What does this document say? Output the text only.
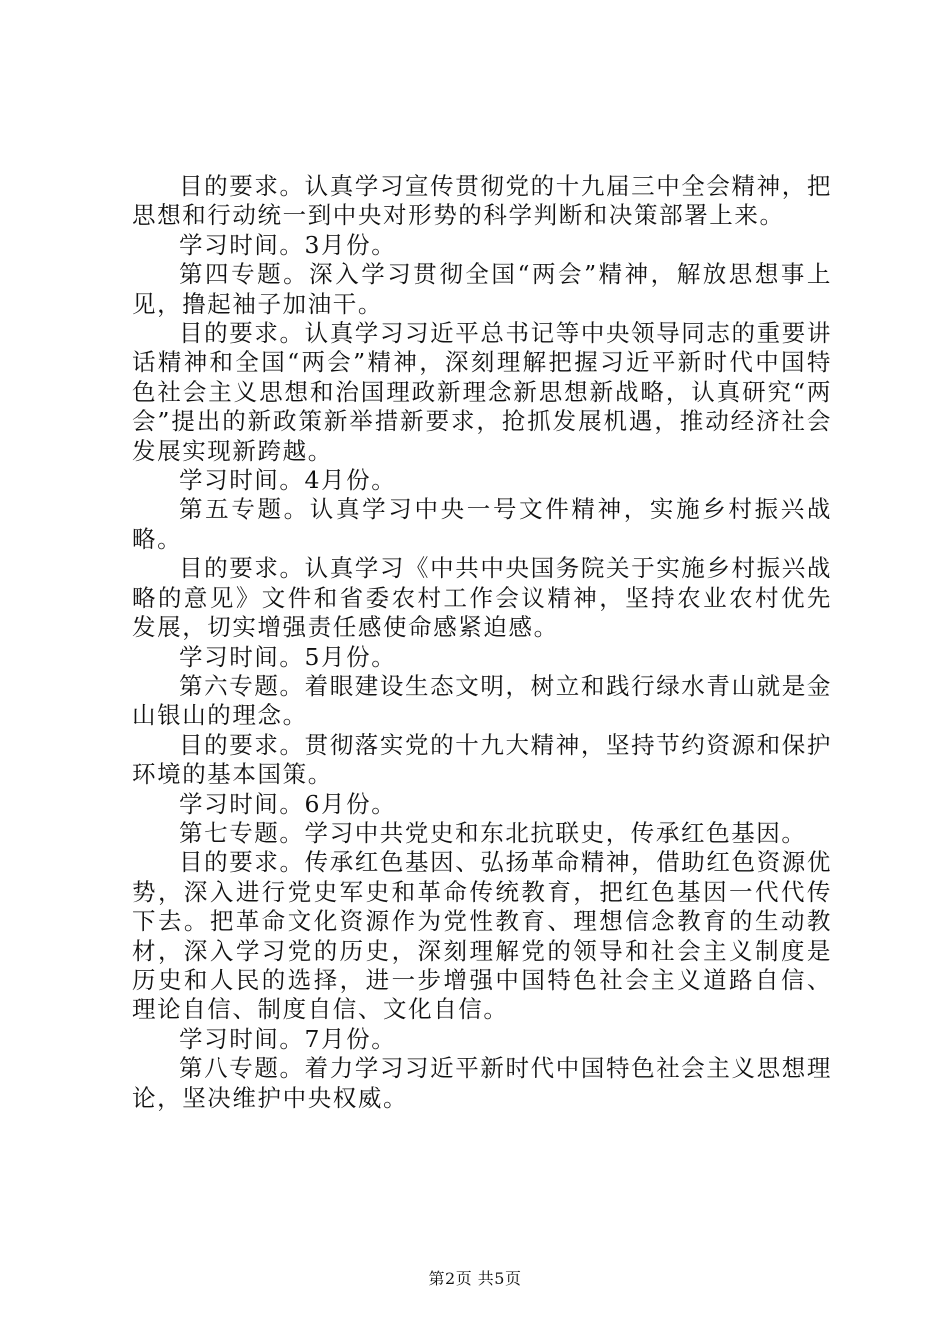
目的要求。认真学习宣传贯彻党的十九届三中全会精神，把思想和行动统一到中央对形势的科学判断和决策部署上来。

学习时间。3月份。

第四专题。深入学习贯彻全国“两会”精神，解放思想事上见，撸起袖子加油干。

目的要求。认真学习习近平总书记等中央领导同志的重要讲话精神和全国“两会”精神，深刻理解把握习近平新时代中国特色社会主义思想和治国理政新理念新思想新战略，认真研究“两会”提出的新政策新举措新要求，抢抓发展机遇，推动经济社会发展实现新跨越。

学习时间。4月份。

第五专题。认真学习中央一号文件精神，实施乡村振兴战略。

目的要求。认真学习《中共中央国务院关于实施乡村振兴战略的意见》文件和省委农村工作会议精神，坚持农业农村优先发展，切实增强责任感使命感紧迫感。

学习时间。5月份。

第六专题。着眼建设生态文明，树立和践行绿水青山就是金山银山的理念。

目的要求。贯彻落实党的十九大精神，坚持节约资源和保护环境的基本国策。

学习时间。6月份。

第七专题。学习中共党史和东北抗联史，传承红色基因。

目的要求。传承红色基因、弘扬革命精神，借助红色资源优势，深入进行党史军史和革命传统教育，把红色基因一代代传下去。把革命文化资源作为党性教育、理想信念教育的生动教材，深入学习党的历史，深刻理解党的领导和社会主义制度是历史和人民的选择，进一步增强中国特色社会主义道路自信、理论自信、制度自信、文化自信。

学习时间。7月份。

第八专题。着力学习习近平新时代中国特色社会主义思想理论，坚决维护中央权威。

第2页 共5页
